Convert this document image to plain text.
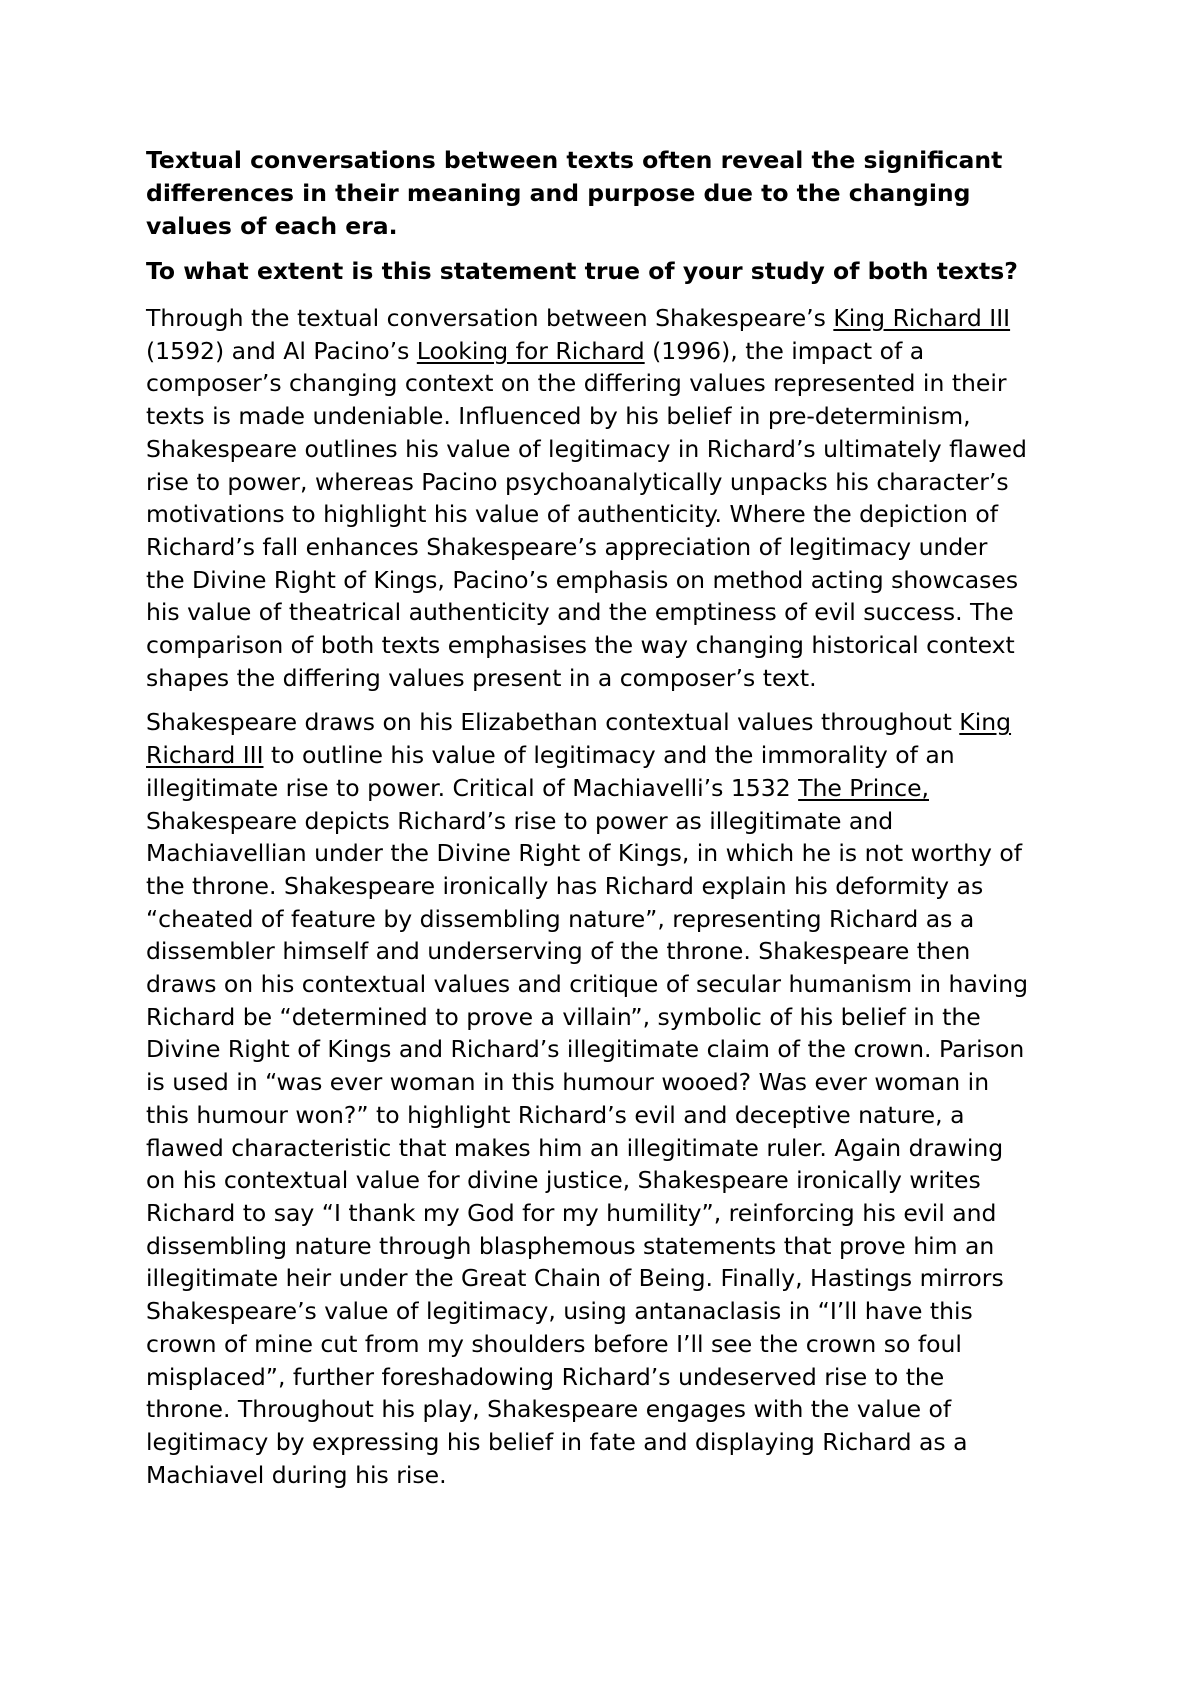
Textual conversations between texts often reveal the significant
differences in their meaning and purpose due to the changing
values of each era.
To what extent is this statement true of your study of both texts?
Through the textual conversation between Shakespeare’s King Richard III
(1592) and Al Pacino’s Looking for Richard (1996), the impact of a
composer’s changing context on the differing values represented in their
texts is made undeniable. Influenced by his belief in pre-determinism,
Shakespeare outlines his value of legitimacy in Richard’s ultimately flawed
rise to power, whereas Pacino psychoanalytically unpacks his character’s
motivations to highlight his value of authenticity. Where the depiction of
Richard’s fall enhances Shakespeare’s appreciation of legitimacy under
the Divine Right of Kings, Pacino’s emphasis on method acting showcases
his value of theatrical authenticity and the emptiness of evil success. The
comparison of both texts emphasises the way changing historical context
shapes the differing values present in a composer’s text.
Shakespeare draws on his Elizabethan contextual values throughout King
Richard III to outline his value of legitimacy and the immorality of an
illegitimate rise to power. Critical of Machiavelli’s 1532 The Prince,
Shakespeare depicts Richard’s rise to power as illegitimate and
Machiavellian under the Divine Right of Kings, in which he is not worthy of
the throne. Shakespeare ironically has Richard explain his deformity as
“cheated of feature by dissembling nature”, representing Richard as a
dissembler himself and underserving of the throne. Shakespeare then
draws on his contextual values and critique of secular humanism in having
Richard be “determined to prove a villain”, symbolic of his belief in the
Divine Right of Kings and Richard’s illegitimate claim of the crown. Parison
is used in “was ever woman in this humour wooed? Was ever woman in
this humour won?” to highlight Richard’s evil and deceptive nature, a
flawed characteristic that makes him an illegitimate ruler. Again drawing
on his contextual value for divine justice, Shakespeare ironically writes
Richard to say “I thank my God for my humility”, reinforcing his evil and
dissembling nature through blasphemous statements that prove him an
illegitimate heir under the Great Chain of Being. Finally, Hastings mirrors
Shakespeare’s value of legitimacy, using antanaclasis in “I’ll have this
crown of mine cut from my shoulders before I’ll see the crown so foul
misplaced”, further foreshadowing Richard’s undeserved rise to the
throne. Throughout his play, Shakespeare engages with the value of
legitimacy by expressing his belief in fate and displaying Richard as a
Machiavel during his rise.
